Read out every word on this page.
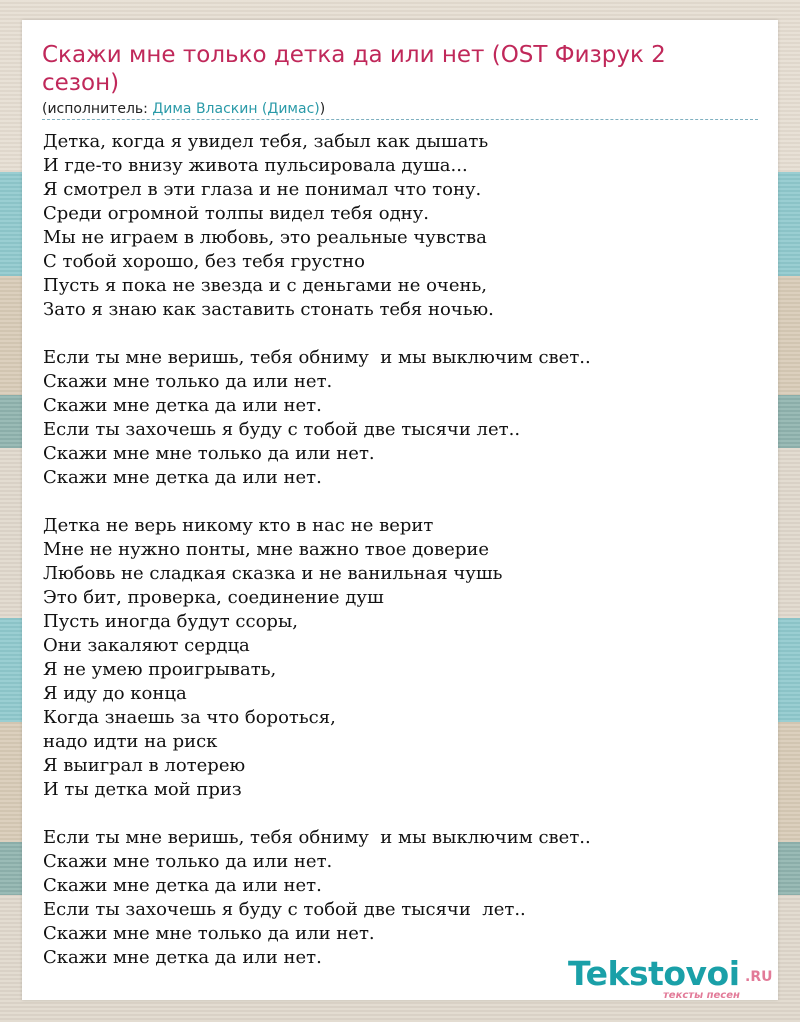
Скажи мне только детка да или нет (OST Физрук 2 сезон)
(исполнитель: Дима Власкин (Димас))
Детка, когда я увидел тебя, забыл как дышать
И где-то внизу живота пульсировала душа...
Я смотрел в эти глаза и не понимал что тону.
Среди огромной толпы видел тебя одну.
Мы не играем в любовь, это реальные чувства
С тобой хорошо, без тебя грустно
Пусть я пока не звезда и с деньгами не очень,
Зато я знаю как заставить стонать тебя ночью.
Если ты мне веришь, тебя обниму  и мы выключим свет..
Скажи мне только да или нет.
Скажи мне детка да или нет.
Если ты захочешь я буду с тобой две тысячи лет..
Скажи мне мне только да или нет.
Скажи мне детка да или нет.
Детка не верь никому кто в нас не верит
Мне не нужно понты, мне важно твое доверие
Любовь не сладкая сказка и не ванильная чушь
Это бит, проверка, соединение душ
Пусть иногда будут ссоры,
Они закаляют сердца
Я не умею проигрывать,
Я иду до конца
Когда знаешь за что бороться,
надо идти на риск
Я выиграл в лотерею
И ты детка мой приз
Если ты мне веришь, тебя обниму  и мы выключим свет..
Скажи мне только да или нет.
Скажи мне детка да или нет.
Если ты захочешь я буду с тобой две тысячи  лет..
Скажи мне мне только да или нет.
Скажи мне детка да или нет.	Tekstovoi .RU
тексты песен
